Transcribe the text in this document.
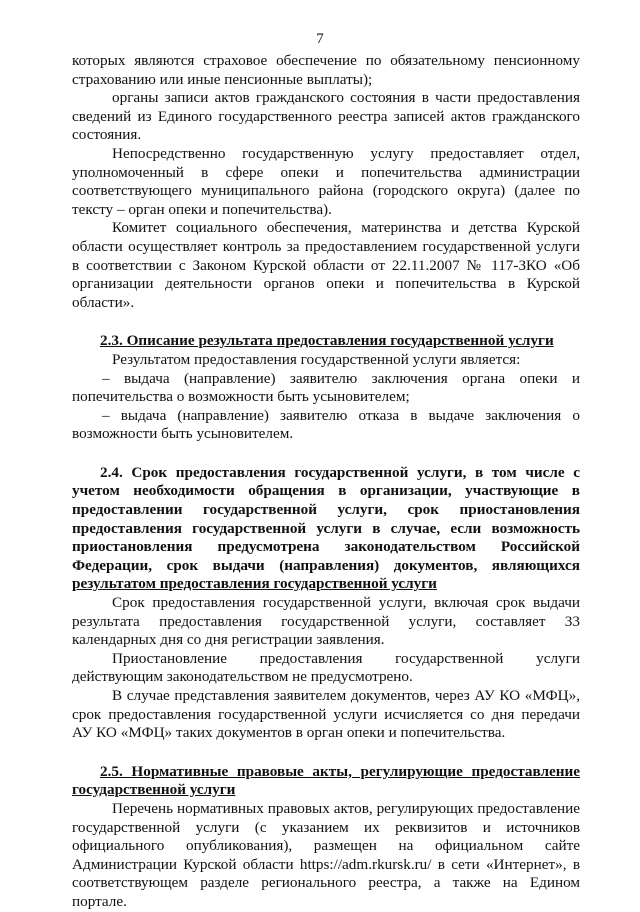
7

которых являются страховое обеспечение по обязательному пенсионному страхованию или иные пенсионные выплаты);

органы записи актов гражданского состояния в части предоставления сведений из Единого государственного реестра записей актов гражданского состояния.

Непосредственно государственную услугу предоставляет отдел, уполномоченный в сфере опеки и попечительства администрации соответствующего муниципального района (городского округа) (далее по тексту – орган опеки и попечительства).

Комитет социального обеспечения, материнства и детства Курской области осуществляет контроль за предоставлением государственной услуги в соответствии с Законом Курской области от 22.11.2007 № 117-ЗКО «Об организации деятельности органов опеки и попечительства в Курской области».

2.3. Описание результата предоставления государственной услуги

Результатом предоставления государственной услуги является:

– выдача (направление) заявителю заключения органа опеки и попечительства о возможности быть усыновителем;

– выдача (направление) заявителю отказа в выдаче заключения о возможности быть усыновителем.

2.4. Срок предоставления государственной услуги, в том числе с учетом необходимости обращения в организации, участвующие в предоставлении государственной услуги, срок приостановления предоставления государственной услуги в случае, если возможность приостановления предусмотрена законодательством Российской Федерации, срок выдачи (направления) документов, являющихся результатом предоставления государственной услуги

Срок предоставления государственной услуги, включая срок выдачи результата предоставления государственной услуги, составляет 33 календарных дня со дня регистрации заявления.

Приостановление предоставления государственной услуги действующим законодательством не предусмотрено.

В случае представления заявителем документов, через АУ КО «МФЦ», срок предоставления государственной услуги исчисляется со дня передачи АУ КО «МФЦ» таких документов в орган опеки и попечительства.

2.5. Нормативные правовые акты, регулирующие предоставление государственной услуги

Перечень нормативных правовых актов, регулирующих предоставление государственной услуги (с указанием их реквизитов и источников официального опубликования), размещен на официальном сайте Администрации Курской области https://adm.rkursk.ru/ в сети «Интернет», в соответствующем разделе регионального реестра, а также на Едином портале.
